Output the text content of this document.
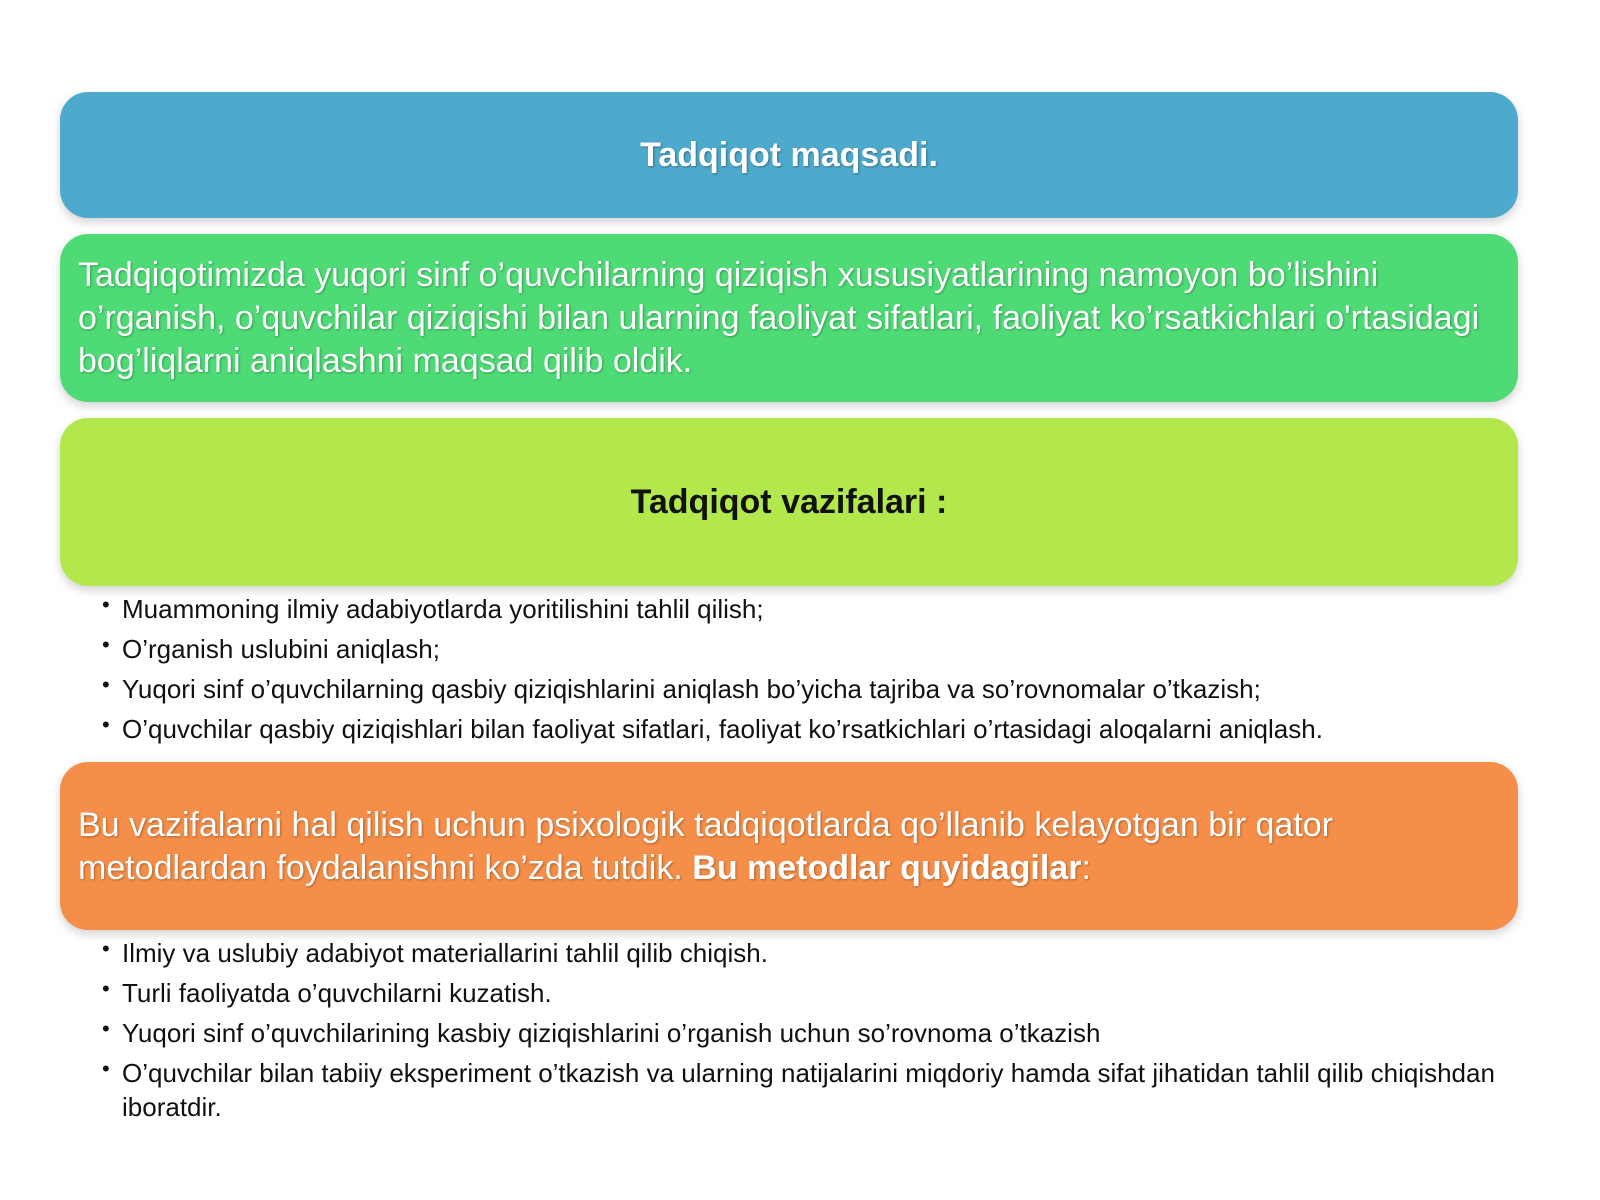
Tadqiqot maqsadi.
Tadqiqotimizda yuqori sinf o’quvchilarning qiziqish xususiyatlarining namoyon bo’lishini o’rganish, o’quvchilar qiziqishi bilan ularning faoliyat sifatlari, faoliyat ko’rsatkichlari o'rtasidagi bog’liqlarni aniqlashni maqsad qilib oldik.
Tadqiqot vazifalari :
• Muammoning ilmiy adabiyotlarda yoritilishini tahlil qilish;
• O’rganish uslubini aniqlash;
• Yuqori sinf o’quvchilarning qasbiy qiziqishlarini aniqlash bo’yicha tajriba va so’rovnomalar o’tkazish;
• O’quvchilar qasbiy qiziqishlari bilan faoliyat sifatlari, faoliyat ko’rsatkichlari o’rtasidagi aloqalarni aniqlash.
Bu vazifalarni hal qilish uchun psixologik tadqiqotlarda qo’llanib kelayotgan bir qator metodlardan foydalanishni ko’zda tutdik. Bu metodlar quyidagilar:
• Ilmiy va uslubiy adabiyot materiallarini tahlil qilib chiqish.
• Turli faoliyatda o’quvchilarni kuzatish.
• Yuqori sinf o’quvchilarining kasbiy qiziqishlarini o’rganish uchun so’rovnoma o’tkazish
• O’quvchilar bilan tabiiy eksperiment o’tkazish va ularning natijalarini miqdoriy hamda sifat jihatidan tahlil qilib chiqishdan iboratdir.
